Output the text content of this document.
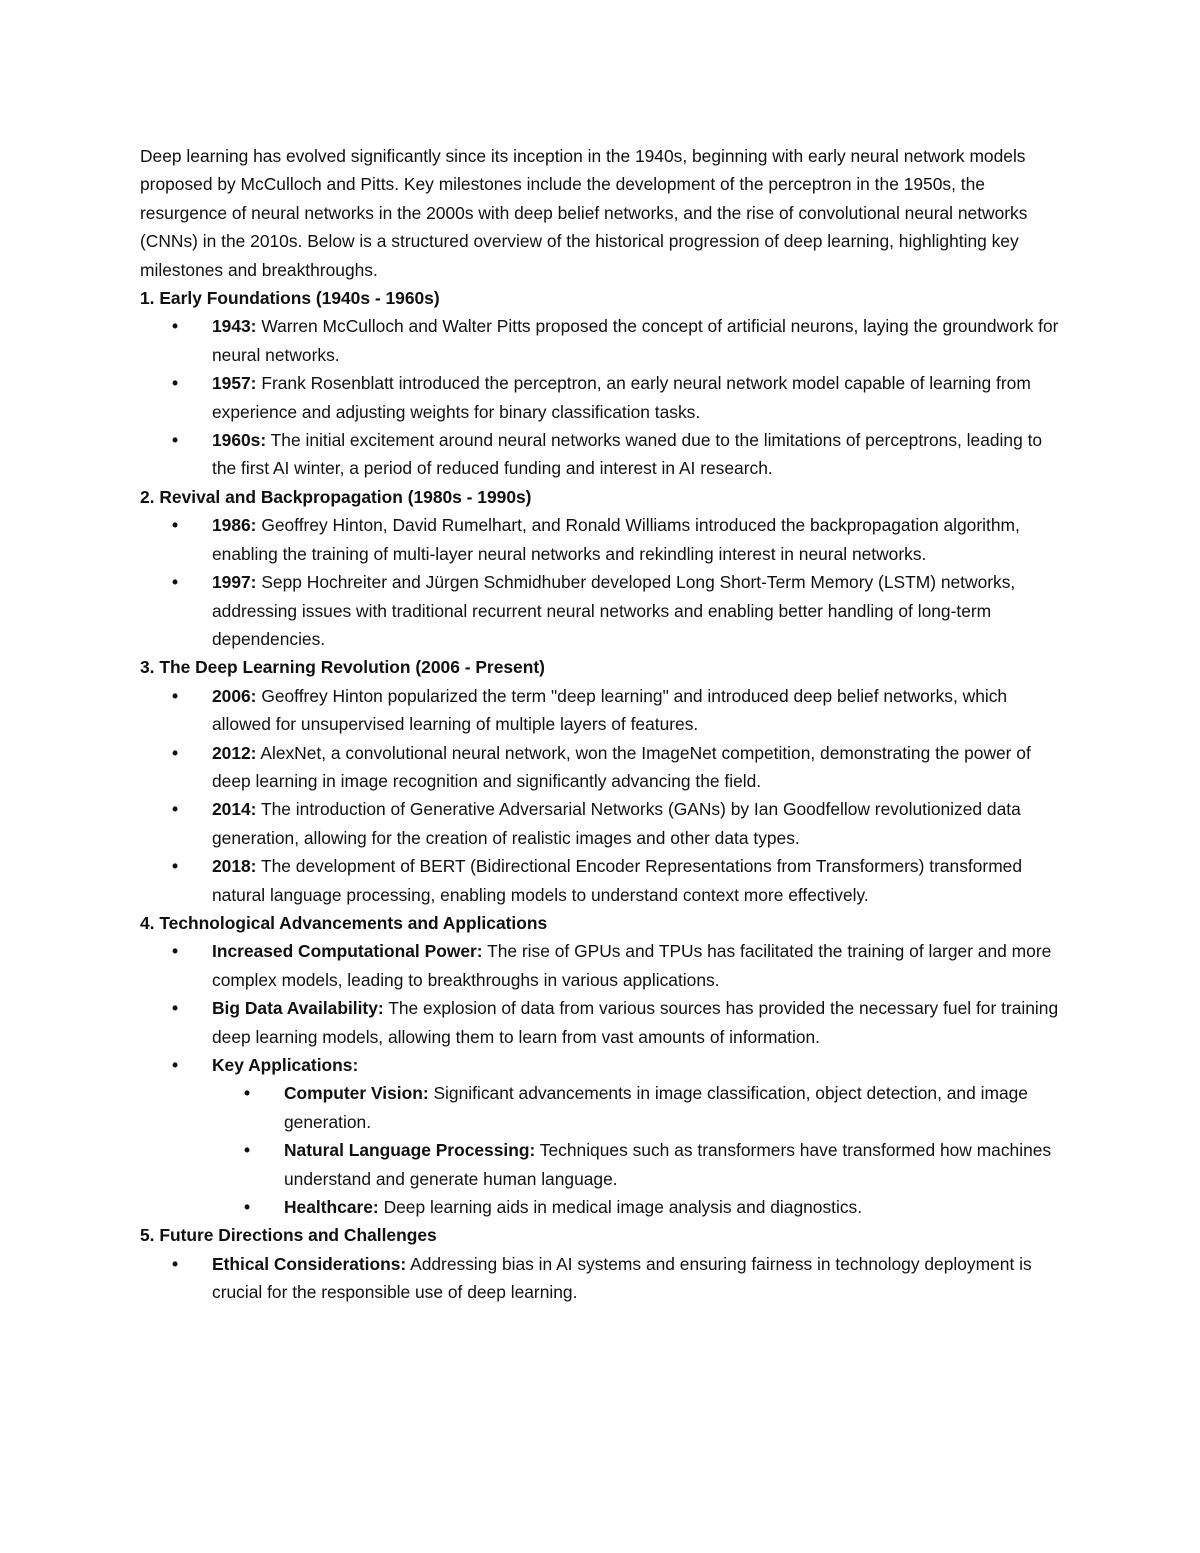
Deep learning has evolved significantly since its inception in the 1940s, beginning with early neural network models proposed by McCulloch and Pitts. Key milestones include the development of the perceptron in the 1950s, the resurgence of neural networks in the 2000s with deep belief networks, and the rise of convolutional neural networks (CNNs) in the 2010s. Below is a structured overview of the historical progression of deep learning, highlighting key milestones and breakthroughs.

1. Early Foundations (1940s - 1960s)
• 1943: Warren McCulloch and Walter Pitts proposed the concept of artificial neurons, laying the groundwork for neural networks.
• 1957: Frank Rosenblatt introduced the perceptron, an early neural network model capable of learning from experience and adjusting weights for binary classification tasks.
• 1960s: The initial excitement around neural networks waned due to the limitations of perceptrons, leading to the first AI winter, a period of reduced funding and interest in AI research.
2. Revival and Backpropagation (1980s - 1990s)
• 1986: Geoffrey Hinton, David Rumelhart, and Ronald Williams introduced the backpropagation algorithm, enabling the training of multi-layer neural networks and rekindling interest in neural networks.
• 1997: Sepp Hochreiter and Jürgen Schmidhuber developed Long Short-Term Memory (LSTM) networks, addressing issues with traditional recurrent neural networks and enabling better handling of long-term dependencies.
3. The Deep Learning Revolution (2006 - Present)
• 2006: Geoffrey Hinton popularized the term "deep learning" and introduced deep belief networks, which allowed for unsupervised learning of multiple layers of features.
• 2012: AlexNet, a convolutional neural network, won the ImageNet competition, demonstrating the power of deep learning in image recognition and significantly advancing the field.
• 2014: The introduction of Generative Adversarial Networks (GANs) by Ian Goodfellow revolutionized data generation, allowing for the creation of realistic images and other data types.
• 2018: The development of BERT (Bidirectional Encoder Representations from Transformers) transformed natural language processing, enabling models to understand context more effectively.
4. Technological Advancements and Applications
• Increased Computational Power: The rise of GPUs and TPUs has facilitated the training of larger and more complex models, leading to breakthroughs in various applications.
• Big Data Availability: The explosion of data from various sources has provided the necessary fuel for training deep learning models, allowing them to learn from vast amounts of information.
• Key Applications:
• Computer Vision: Significant advancements in image classification, object detection, and image generation.
• Natural Language Processing: Techniques such as transformers have transformed how machines understand and generate human language.
• Healthcare: Deep learning aids in medical image analysis and diagnostics.
5. Future Directions and Challenges
• Ethical Considerations: Addressing bias in AI systems and ensuring fairness in technology deployment is crucial for the responsible use of deep learning.
